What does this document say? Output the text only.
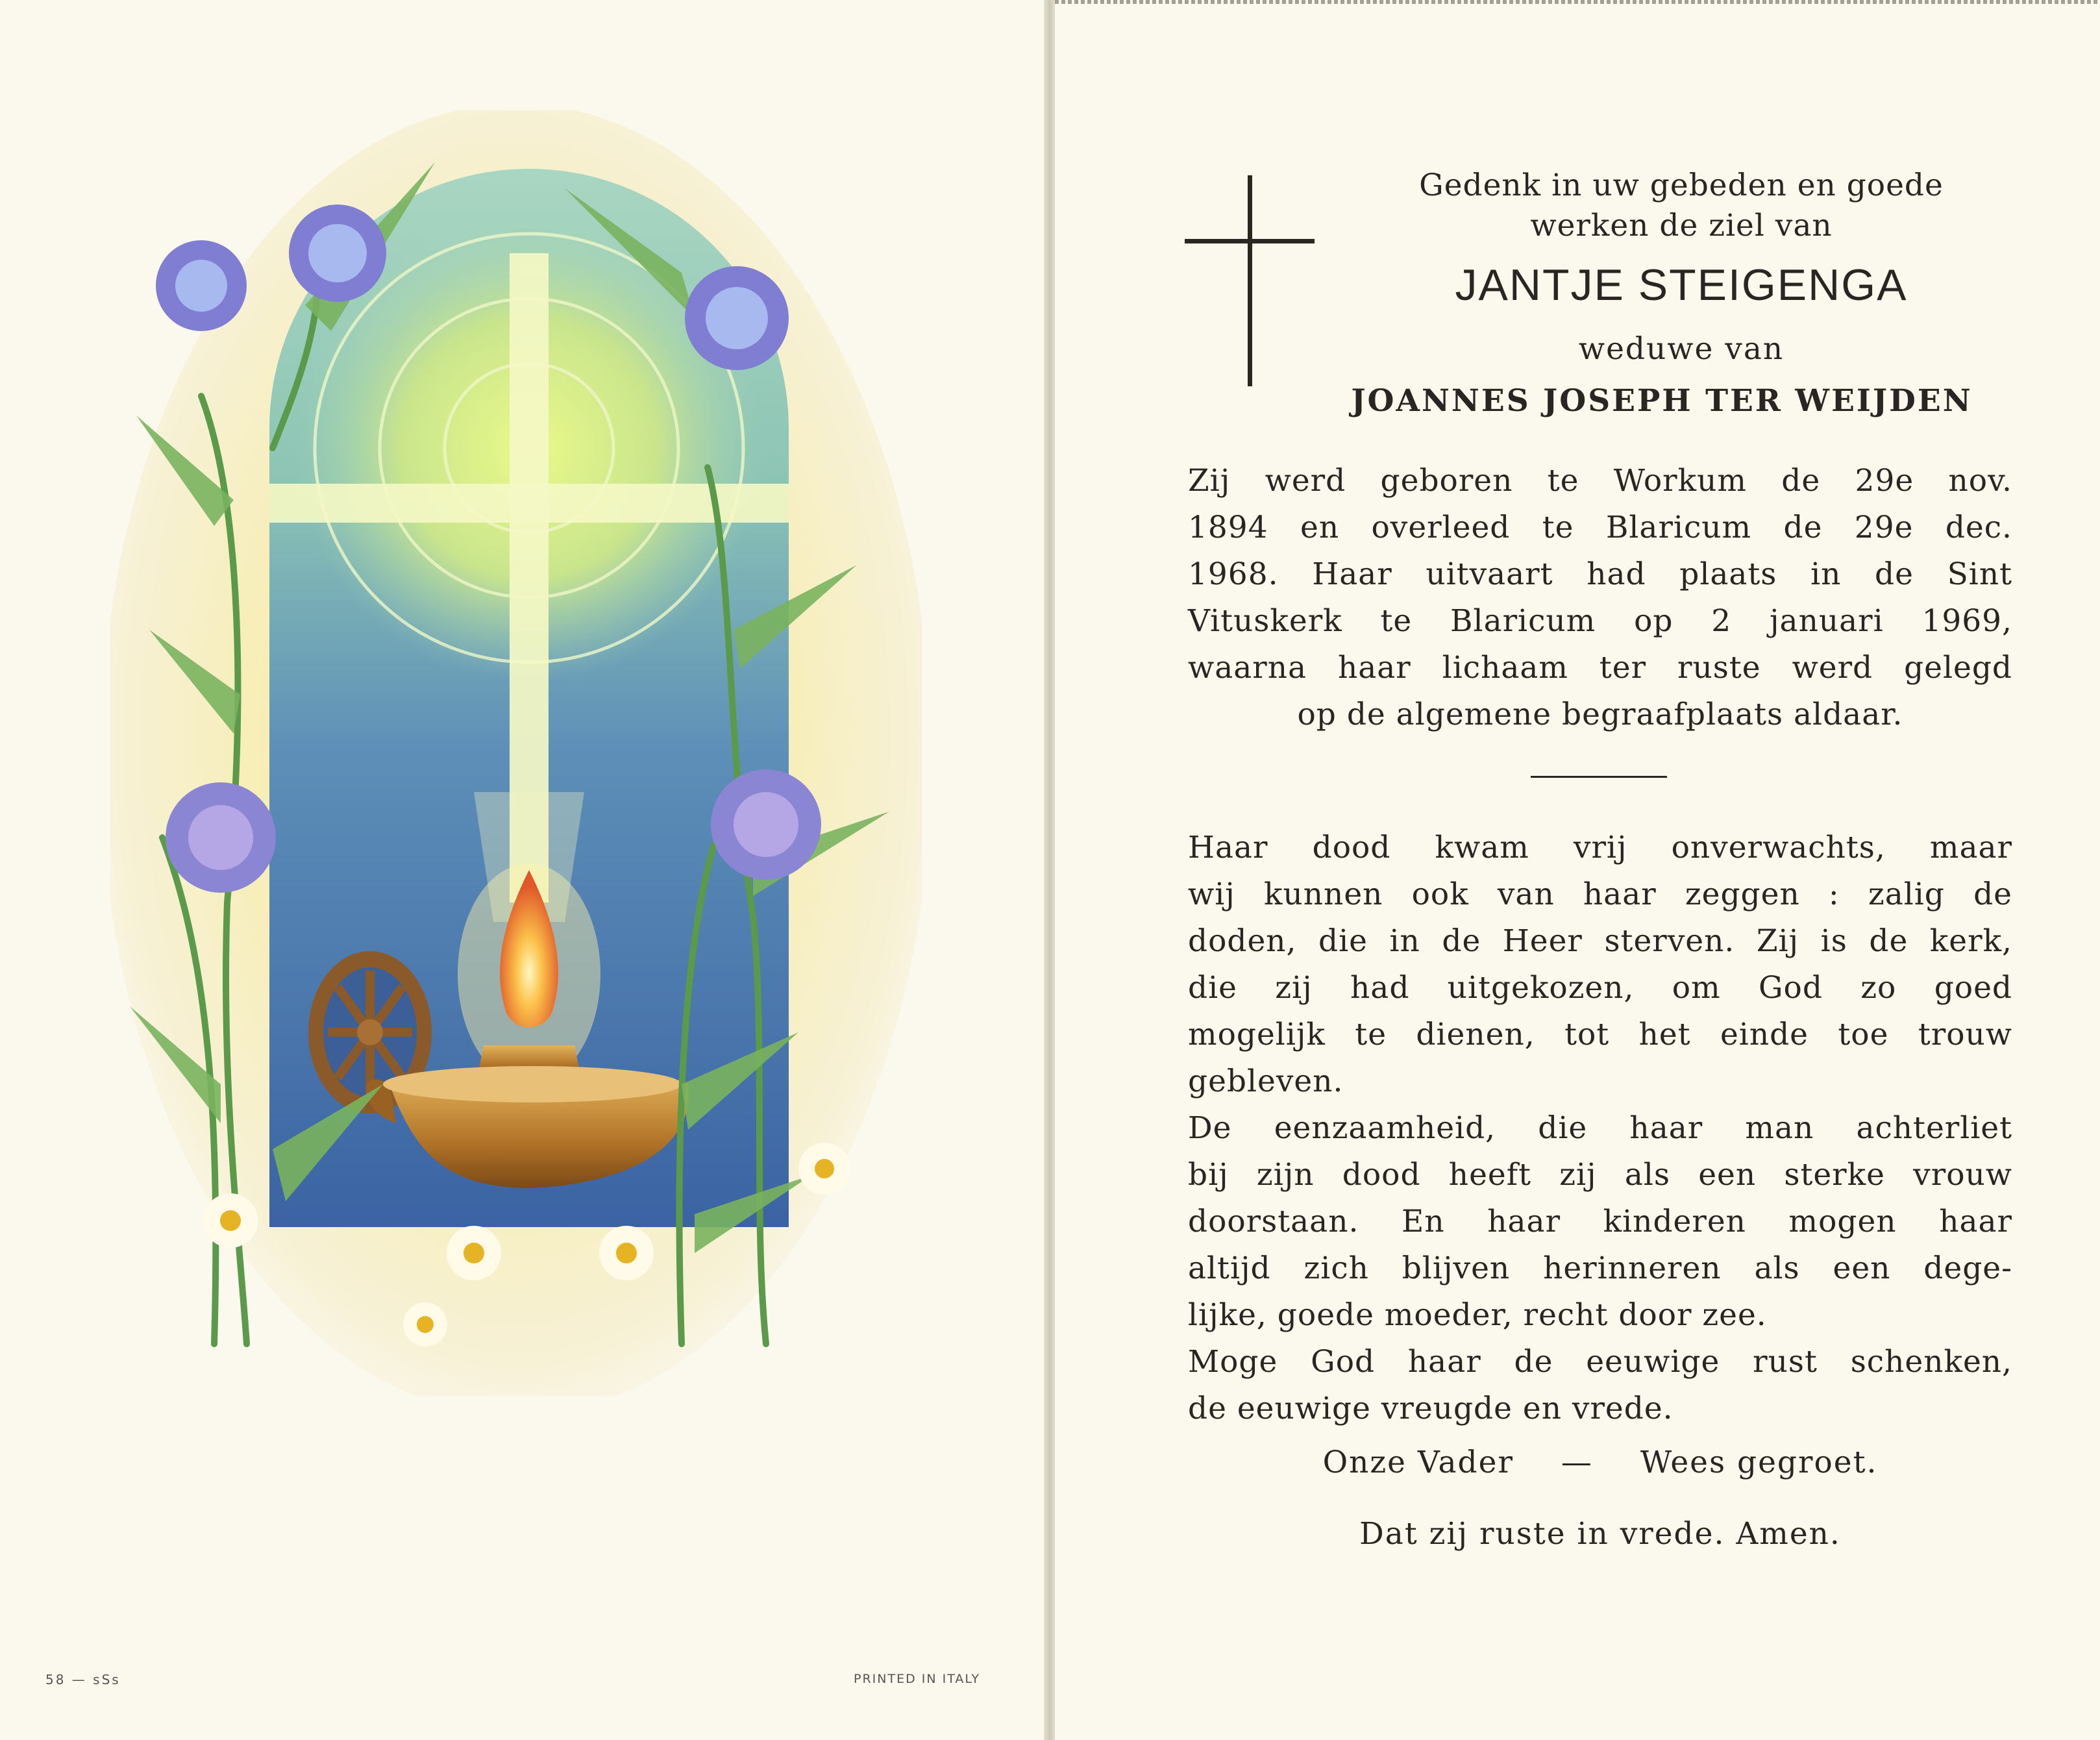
58 — sSs	PRINTED IN ITALY
Gedenk in uw gebeden en goede
werken de ziel van
JANTJE STEIGENGA
weduwe van
JOANNES JOSEPH TER WEIJDEN
Zij werd geboren te Workum de 29e nov.
1894 en overleed te Blaricum de 29e dec.
1968. Haar uitvaart had plaats in de Sint
Vituskerk te Blaricum op 2 januari 1969,
waarna haar lichaam ter ruste werd gelegd
op de algemene begraafplaats aldaar.
Haar dood kwam vrij onverwachts, maar
wij kunnen ook van haar zeggen : zalig de
doden, die in de Heer sterven. Zij is de kerk,
die zij had uitgekozen, om God zo goed
mogelijk te dienen, tot het einde toe trouw
gebleven.
De eenzaamheid, die haar man achterliet
bij zijn dood heeft zij als een sterke vrouw
doorstaan. En haar kinderen mogen haar
altijd zich blijven herinneren als een dege-
lijke, goede moeder, recht door zee.
Moge God haar de eeuwige rust schenken,
de eeuwige vreugde en vrede.
Onze Vader — Wees gegroet.
Dat zij ruste in vrede. Amen.
